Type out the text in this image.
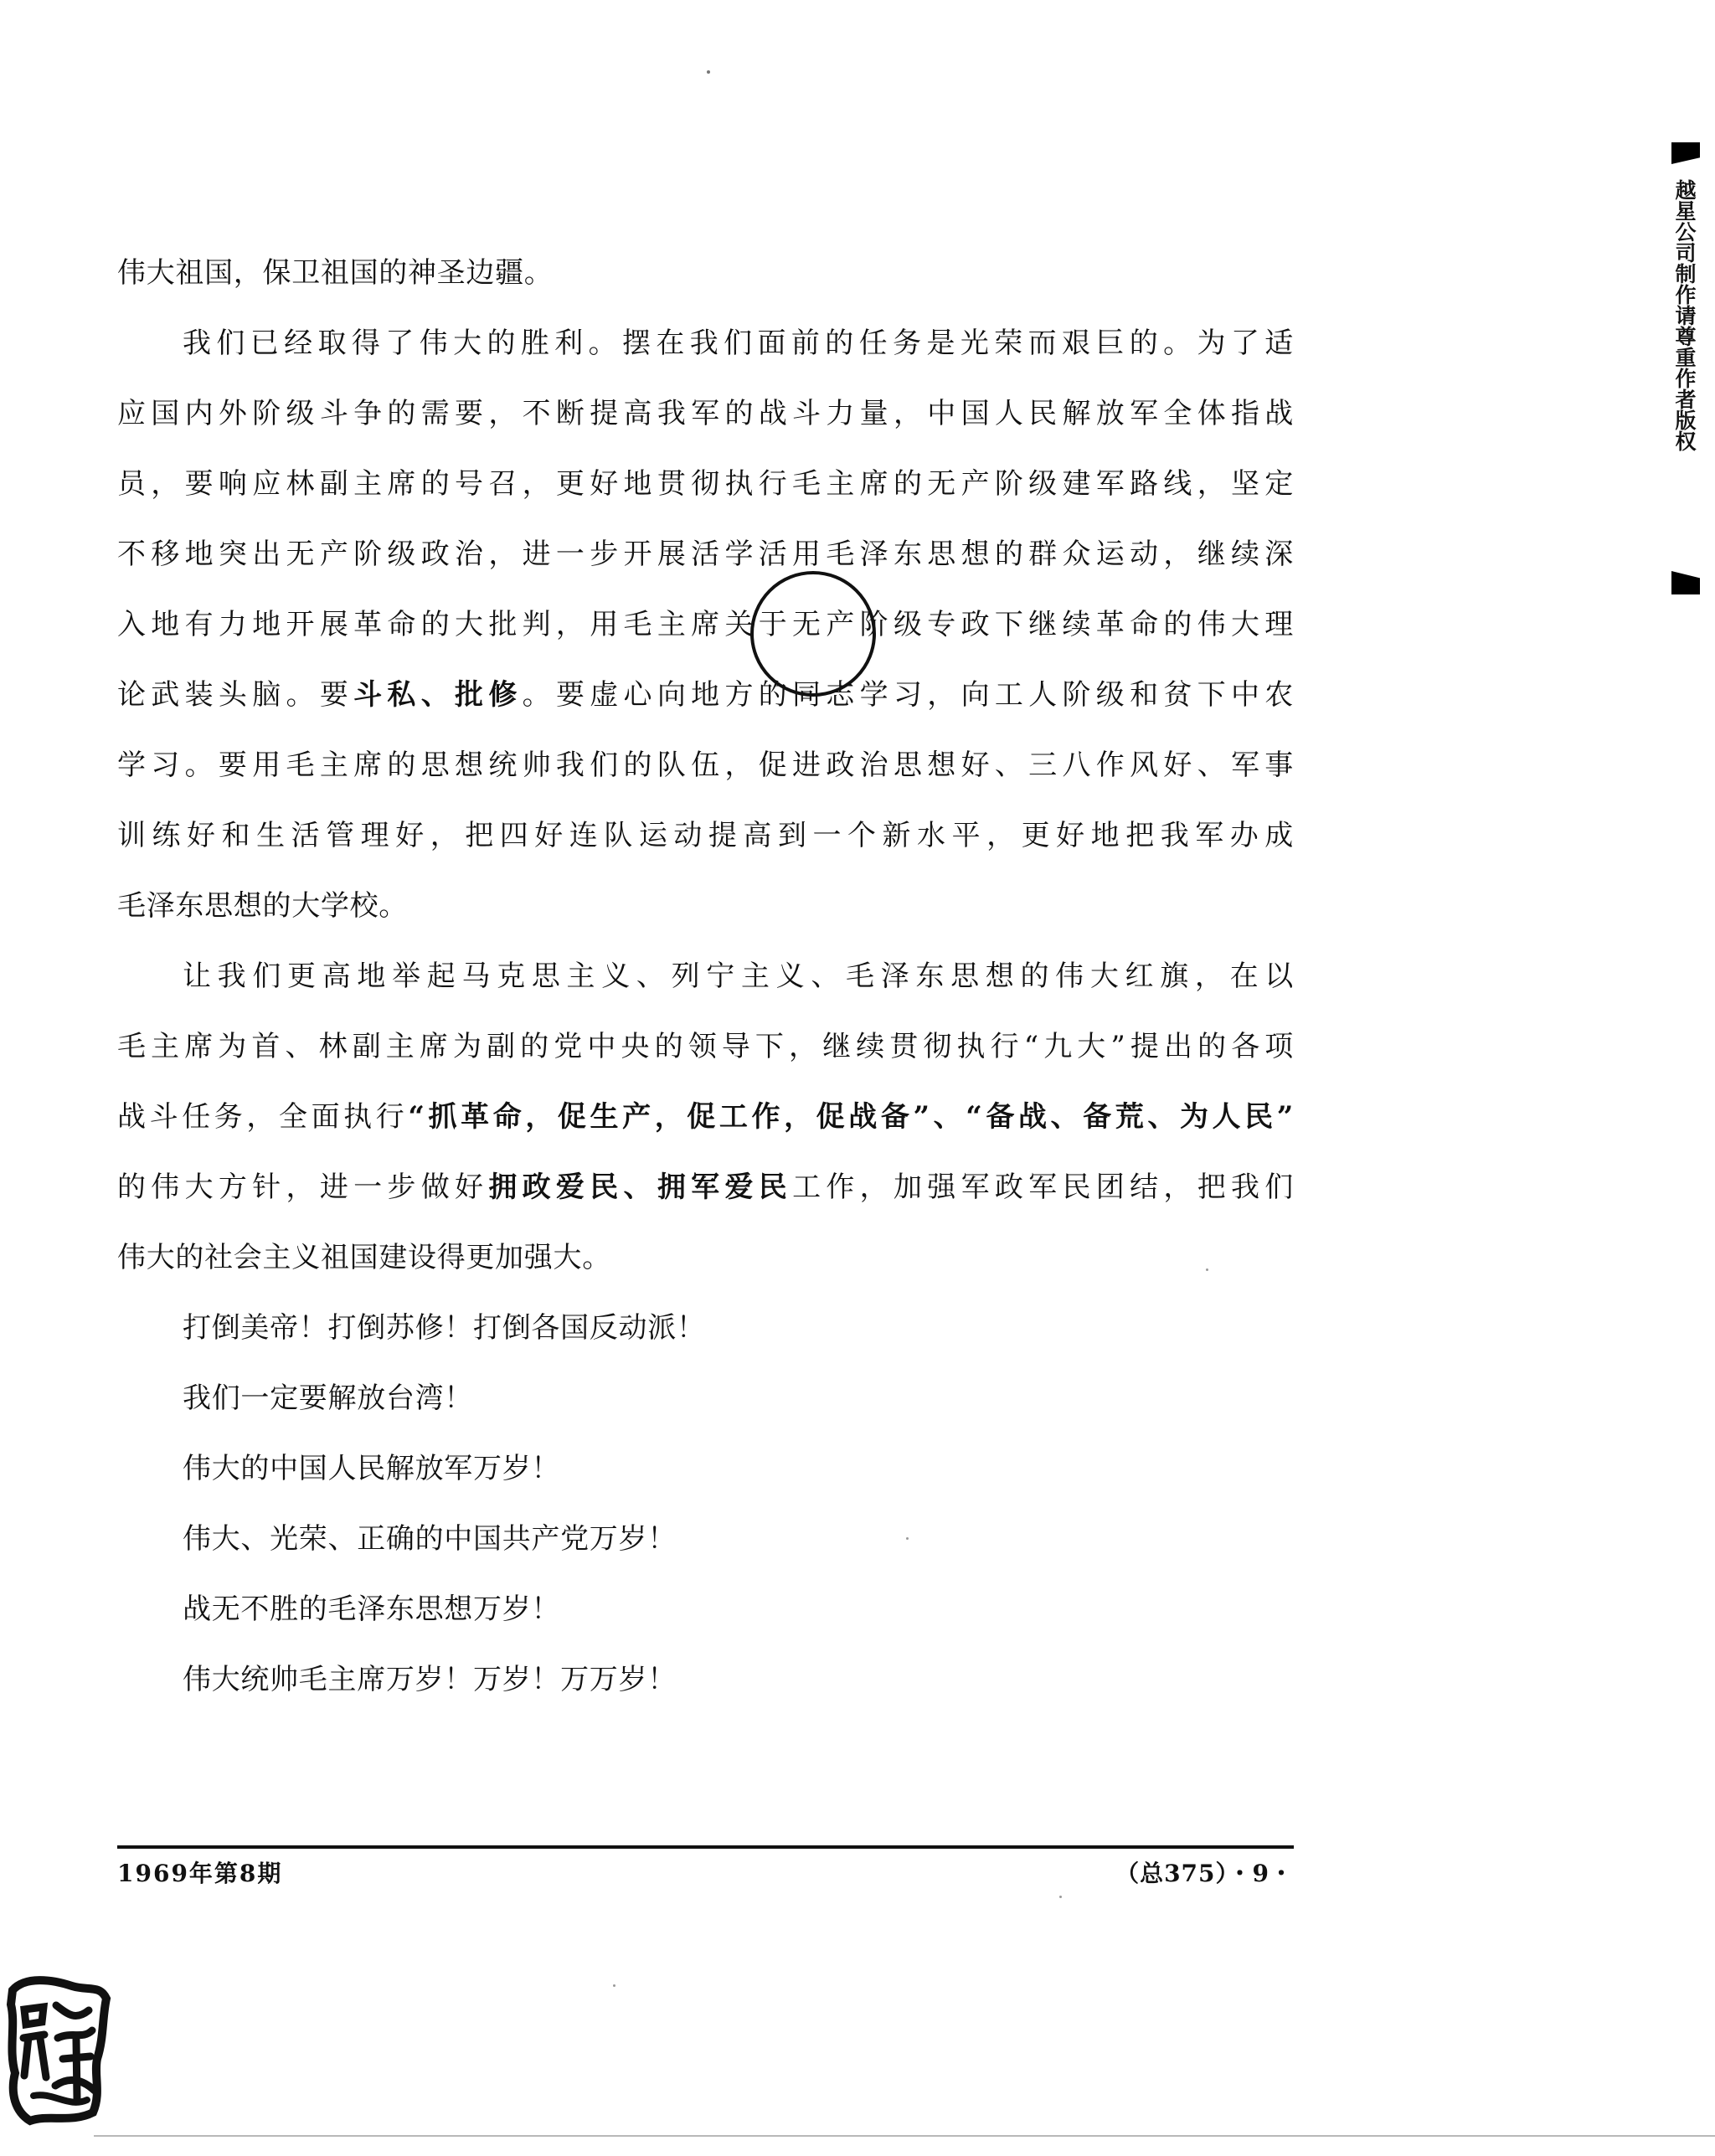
伟大祖国，保卫祖国的神圣边疆。
我们已经取得了伟大的胜利。摆在我们面前的任务是光荣而艰巨的。为了适
应国内外阶级斗争的需要，不断提高我军的战斗力量，中国人民解放军全体指战
员，要响应林副主席的号召，更好地贯彻执行毛主席的无产阶级建军路线，坚定
不移地突出无产阶级政治，进一步开展活学活用毛泽东思想的群众运动，继续深
入地有力地开展革命的大批判，用毛主席关于无产阶级专政下继续革命的伟大理
论武装头脑。要斗私、批修。要虚心向地方的同志学习，向工人阶级和贫下中农
学习。要用毛主席的思想统帅我们的队伍，促进政治思想好、三八作风好、军事
训练好和生活管理好，把四好连队运动提高到一个新水平，更好地把我军办成
毛泽东思想的大学校。
让我们更高地举起马克思主义、列宁主义、毛泽东思想的伟大红旗，在以
毛主席为首、林副主席为副的党中央的领导下，继续贯彻执行“九大”提出的各项
战斗任务，全面执行“抓革命，促生产，促工作，促战备”、“备战、备荒、为人民”
的伟大方针，进一步做好拥政爱民、拥军爱民工作，加强军政军民团结，把我们
伟大的社会主义祖国建设得更加强大。
打倒美帝！打倒苏修！打倒各国反动派！
我们一定要解放台湾！
伟大的中国人民解放军万岁！
伟大、光荣、正确的中国共产党万岁！
战无不胜的毛泽东思想万岁！
伟大统帅毛主席万岁！万岁！万万岁！
1969年第8期	（总375）・9・
越星公司制作请尊重作者版权
